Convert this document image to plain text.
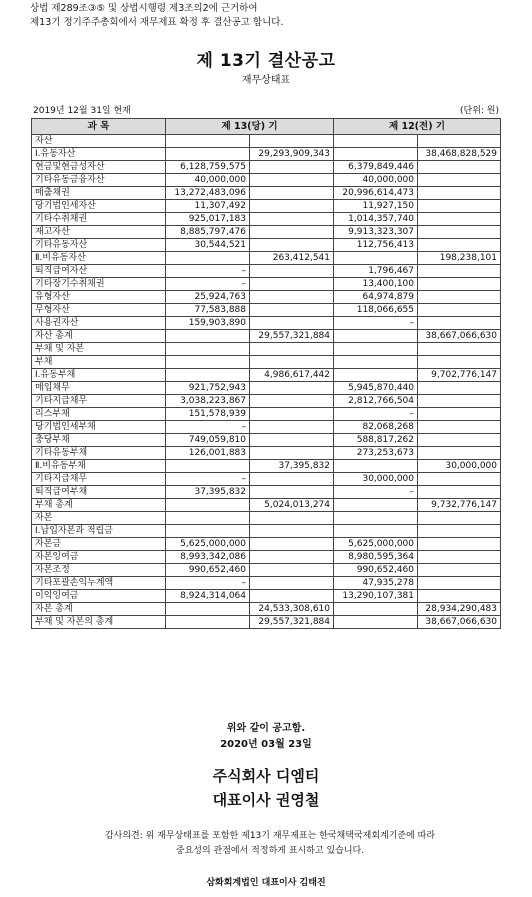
상법 제289조③⑤ 및 상법시행령 제3조의2에 근거하여
제13기 정기주주총회에서 재무제표 확정 후 결산공고 합니다.
제 13기 결산공고
재무상태표
2019년 12월 31일 현재	(단위: 원)
과 목	제 13(당) 기		제 12(전) 기	
자산				
Ⅰ.유동자산		29,293,909,343		38,468,828,529
현금및현금성자산	6,128,759,575		6,379,849,446	
기타유동금융자산	40,000,000		40,000,000	
매출채권	13,272,483,096		20,996,614,473	
당기법인세자산	11,307,492		11,927,150	
기타수취채권	925,017,183		1,014,357,740	
재고자산	8,885,797,476		9,913,323,307	
기타유동자산	30,544,521		112,756,413	
Ⅱ.비유동자산		263,412,541		198,238,101
퇴직급여자산	–		1,796,467	
기타장기수취채권	–		13,400,100	
유형자산	25,924,763		64,974,879	
무형자산	77,583,888		118,066,655	
사용권자산	159,903,890		–	
자산 총계		29,557,321,884		38,667,066,630
부채 및 자본				
부채				
Ⅰ.유동부채		4,986,617,442		9,702,776,147
매입채무	921,752,943		5,945,870,440	
기타지급채무	3,038,223,867		2,812,766,504	
리스부채	151,578,939		–	
당기법인세부채	–		82,068,268	
충당부채	749,059,810		588,817,262	
기타유동부채	126,001,883		273,253,673	
Ⅱ.비유동부채		37,395,832		30,000,000
기타지급채무	–		30,000,000	
퇴직급여부채	37,395,832		–	
부채 총계		5,024,013,274		9,732,776,147
자본				
Ⅰ.납입자본과 적립금				
자본금	5,625,000,000		5,625,000,000	
자본잉여금	8,993,342,086		8,980,595,364	
자본조정	990,652,460		990,652,460	
기타포괄손익누계액	–		47,935,278	
이익잉여금	8,924,314,064		13,290,107,381	
자본 총계		24,533,308,610		28,934,290,483
부채 및 자본의 총계		29,557,321,884		38,667,066,630
위와 같이 공고함.
2020년 03월 23일
주식회사 디엠티
대표이사 권영철
감사의견: 위 재무상태표를 포함한 제13기 재무제표는 한국채택국제회계기준에 따라
중요성의 관점에서 적정하게 표시하고 있습니다.
삼화회계법인 대표이사 김태진
